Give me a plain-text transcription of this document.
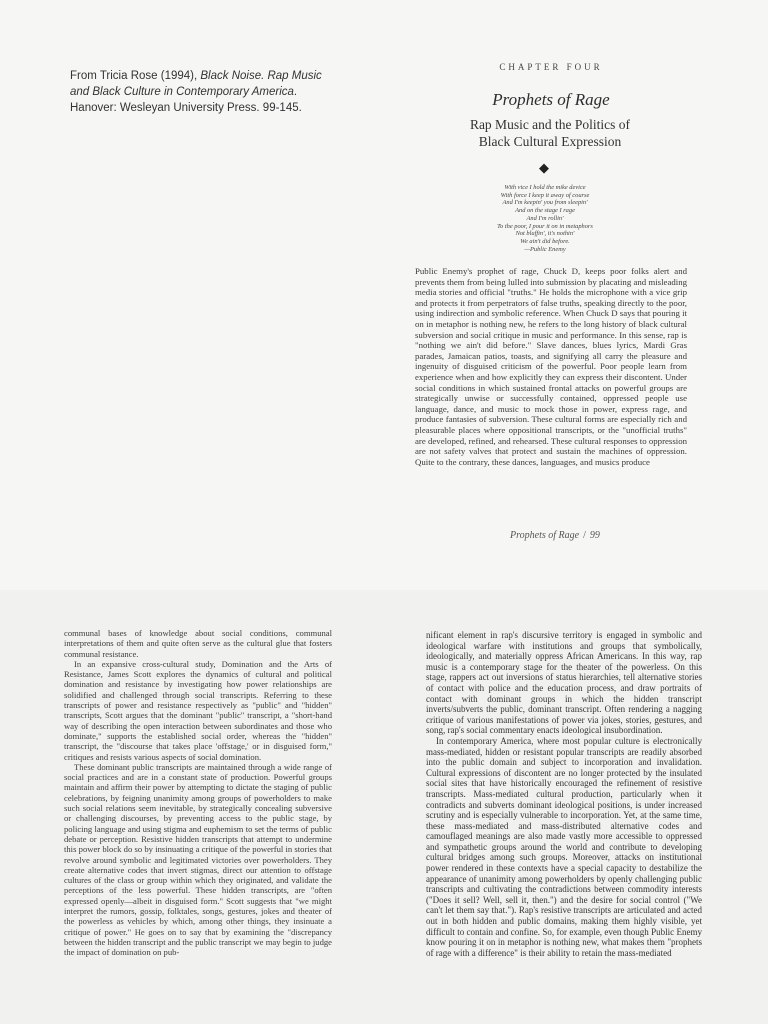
From Tricia Rose (1994), Black Noise. Rap Music and Black Culture in Contemporary America. Hanover: Wesleyan University Press. 99-145.
CHAPTER FOUR
Prophets of Rage
Rap Music and the Politics of
Black Cultural Expression
◆
With vice I hold the mike device
With force I keep it away of course
And I'm keepin' you from sleepin'
And on the stage I rage
And I'm rollin'
To the poor, I pour it on in metaphors
Not bluffin', it's nothin'
We ain't did before.
—Public Enemy

Public Enemy's prophet of rage, Chuck D, keeps poor folks alert and prevents them from being lulled into submission by placating and misleading media stories and official "truths." He holds the microphone with a vice grip and protects it from perpetrators of false truths, speaking directly to the poor, using indirection and symbolic reference. When Chuck D says that pouring it on in metaphor is nothing new, he refers to the long history of black cultural subversion and social critique in music and performance. In this sense, rap is "nothing we ain't did before." Slave dances, blues lyrics, Mardi Gras parades, Jamaican patios, toasts, and signifying all carry the pleasure and ingenuity of disguised criticism of the powerful. Poor people learn from experience when and how explicitly they can express their discontent. Under social conditions in which sustained frontal attacks on powerful groups are strategically unwise or successfully contained, oppressed people use language, dance, and music to mock those in power, express rage, and produce fantasies of subversion. These cultural forms are especially rich and pleasurable places where oppositional transcripts, or the "unofficial truths" are developed, refined, and rehearsed. These cultural responses to oppression are not safety valves that protect and sustain the machines of oppression. Quite to the contrary, these dances, languages, and musics produce

Prophets of Rage / 99

communal bases of knowledge about social conditions, communal interpretations of them and quite often serve as the cultural glue that fosters communal resistance.

In an expansive cross-cultural study, Domination and the Arts of Resistance, James Scott explores the dynamics of cultural and political domination and resistance by investigating how power relationships are solidified and challenged through social transcripts. Referring to these transcripts of power and resistance respectively as "public" and "hidden" transcripts, Scott argues that the dominant "public" transcript, a "short-hand way of describing the open interaction between subordinates and those who dominate," supports the established social order, whereas the "hidden" transcript, the "discourse that takes place 'offstage,' or in disguised form," critiques and resists various aspects of social domination.

These dominant public transcripts are maintained through a wide range of social practices and are in a constant state of production. Powerful groups maintain and affirm their power by attempting to dictate the staging of public celebrations, by feigning unanimity among groups of powerholders to make such social relations seem inevitable, by strategically concealing subversive or challenging discourses, by preventing access to the public stage, by policing language and using stigma and euphemism to set the terms of public debate or perception. Resistive hidden transcripts that attempt to undermine this power block do so by insinuating a critique of the powerful in stories that revolve around symbolic and legitimated victories over powerholders. They create alternative codes that invert stigmas, direct our attention to offstage cultures of the class or group within which they originated, and validate the perceptions of the less powerful. These hidden transcripts, are "often expressed openly—albeit in disguised form." Scott suggests that "we might interpret the rumors, gossip, folktales, songs, gestures, jokes and theater of the powerless as vehicles by which, among other things, they insinuate a critique of power." He goes on to say that by examining the "discrepancy between the hidden transcript and the public transcript we may begin to judge the impact of domination on pub-

nificant element in rap's discursive territory is engaged in symbolic and ideological warfare with institutions and groups that symbolically, ideologically, and materially oppress African Americans. In this way, rap music is a contemporary stage for the theater of the powerless. On this stage, rappers act out inversions of status hierarchies, tell alternative stories of contact with police and the education process, and draw portraits of contact with dominant groups in which the hidden transcript inverts/subverts the public, dominant transcript. Often rendering a nagging critique of various manifestations of power via jokes, stories, gestures, and song, rap's social commentary enacts ideological insubordination.

In contemporary America, where most popular culture is electronically mass-mediated, hidden or resistant popular transcripts are readily absorbed into the public domain and subject to incorporation and invalidation. Cultural expressions of discontent are no longer protected by the insulated social sites that have historically encouraged the refinement of resistive transcripts. Mass-mediated cultural production, particularly when it contradicts and subverts dominant ideological positions, is under increased scrutiny and is especially vulnerable to incorporation. Yet, at the same time, these mass-mediated and mass-distributed alternative codes and camouflaged meanings are also made vastly more accessible to oppressed and sympathetic groups around the world and contribute to developing cultural bridges among such groups. Moreover, attacks on institutional power rendered in these contexts have a special capacity to destabilize the appearance of unanimity among powerholders by openly challenging public transcripts and cultivating the contradictions between commodity interests ("Does it sell? Well, sell it, then.") and the desire for social control ("We can't let them say that."). Rap's resistive transcripts are articulated and acted out in both hidden and public domains, making them highly visible, yet difficult to contain and confine. So, for example, even though Public Enemy know pouring it on in metaphor is nothing new, what makes them "prophets of rage with a difference" is their ability to retain the mass-mediated
